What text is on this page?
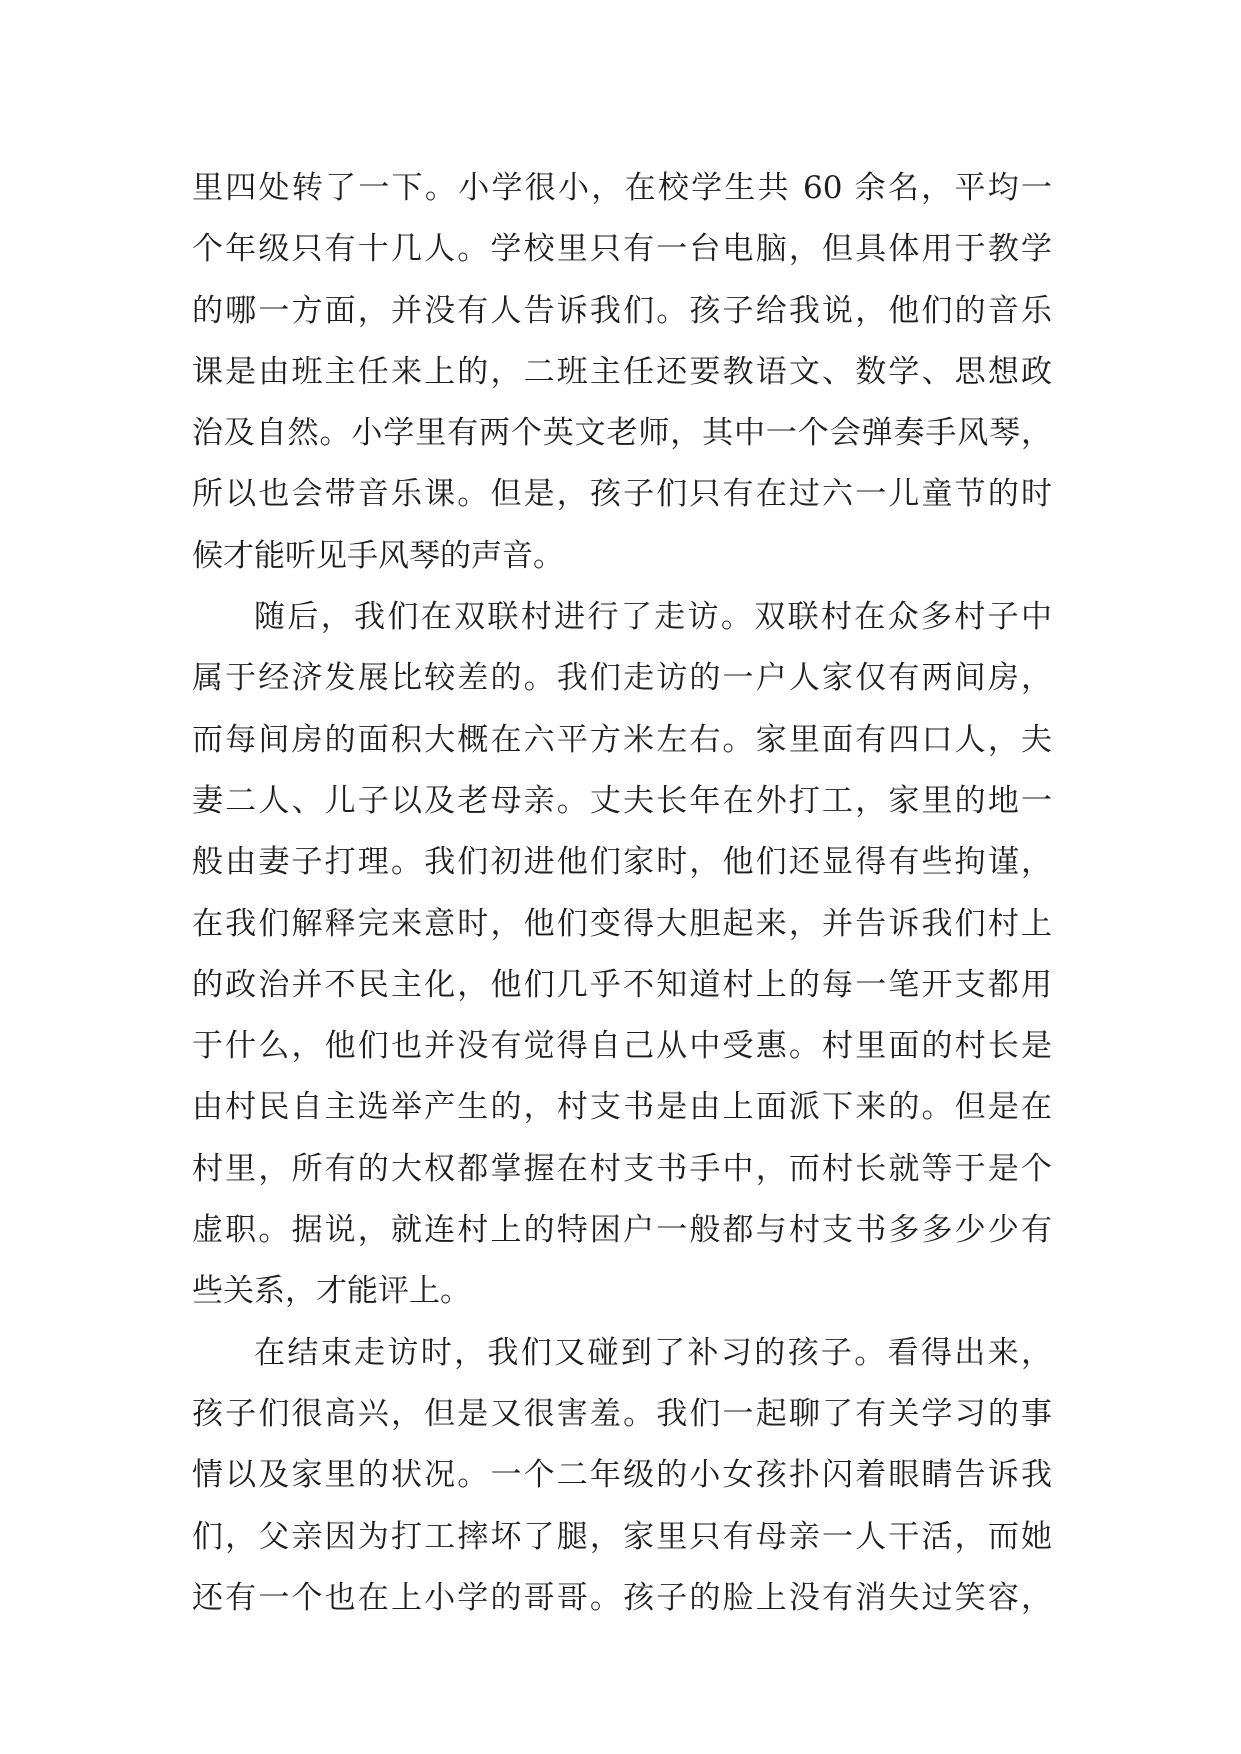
里四处转了一下。小学很小，在校学生共 60 余名，平均一
个年级只有十几人。学校里只有一台电脑，但具体用于教学
的哪一方面，并没有人告诉我们。孩子给我说，他们的音乐
课是由班主任来上的，二班主任还要教语文、数学、思想政
治及自然。小学里有两个英文老师，其中一个会弹奏手风琴，
所以也会带音乐课。但是，孩子们只有在过六一儿童节的时
候才能听见手风琴的声音。
随后，我们在双联村进行了走访。双联村在众多村子中
属于经济发展比较差的。我们走访的一户人家仅有两间房，
而每间房的面积大概在六平方米左右。家里面有四口人，夫
妻二人、儿子以及老母亲。丈夫长年在外打工，家里的地一
般由妻子打理。我们初进他们家时，他们还显得有些拘谨，
在我们解释完来意时，他们变得大胆起来，并告诉我们村上
的政治并不民主化，他们几乎不知道村上的每一笔开支都用
于什么，他们也并没有觉得自己从中受惠。村里面的村长是
由村民自主选举产生的，村支书是由上面派下来的。但是在
村里，所有的大权都掌握在村支书手中，而村长就等于是个
虚职。据说，就连村上的特困户一般都与村支书多多少少有
些关系，才能评上。
在结束走访时，我们又碰到了补习的孩子。看得出来，
孩子们很高兴，但是又很害羞。我们一起聊了有关学习的事
情以及家里的状况。一个二年级的小女孩扑闪着眼睛告诉我
们，父亲因为打工摔坏了腿，家里只有母亲一人干活，而她
还有一个也在上小学的哥哥。孩子的脸上没有消失过笑容，
